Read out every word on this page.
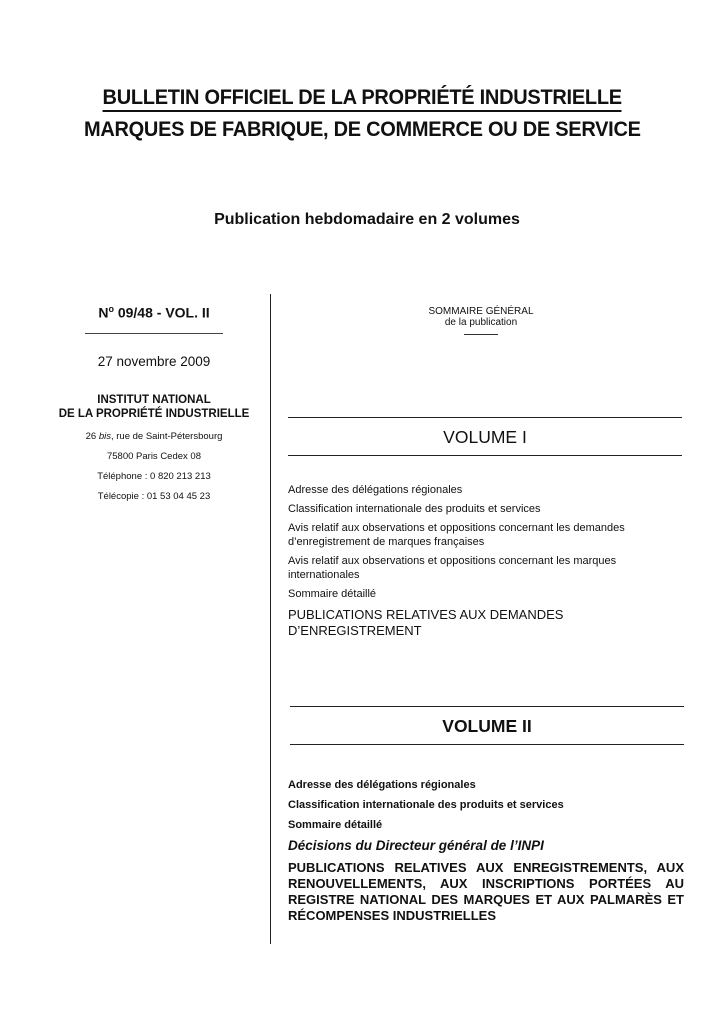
BULLETIN OFFICIEL DE LA PROPRIÉTÉ INDUSTRIELLE
MARQUES DE FABRIQUE, DE COMMERCE OU DE SERVICE
Publication hebdomadaire en 2 volumes
$N^o$ 09/48 - VOL. II
27 novembre 2009
INSTITUT NATIONAL
DE LA PROPRIÉTÉ INDUSTRIELLE
26 bis, rue de Saint-Pétersbourg
75800 Paris Cedex 08
Téléphone : 0 820 213 213
Télécopie : 01 53 04 45 23
SOMMAIRE GÉNÉRAL
de la publication
VOLUME I
Adresse des délégations régionales
Classification internationale des produits et services
Avis relatif aux observations et oppositions concernant les demandes d’enregistrement de marques françaises
Avis relatif aux observations et oppositions concernant les marques internationales
Sommaire détaillé
PUBLICATIONS RELATIVES AUX DEMANDES D’ENREGISTREMENT
VOLUME II
Adresse des délégations régionales
Classification internationale des produits et services
Sommaire détaillé
Décisions du Directeur général de l’INPI
PUBLICATIONS RELATIVES AUX ENREGISTREMENTS, AUX RENOUVELLEMENTS, AUX INSCRIPTIONS PORTÉES AU REGISTRE NATIONAL DES MARQUES ET AUX PALMARÈS ET RÉCOMPENSES INDUSTRIELLES
